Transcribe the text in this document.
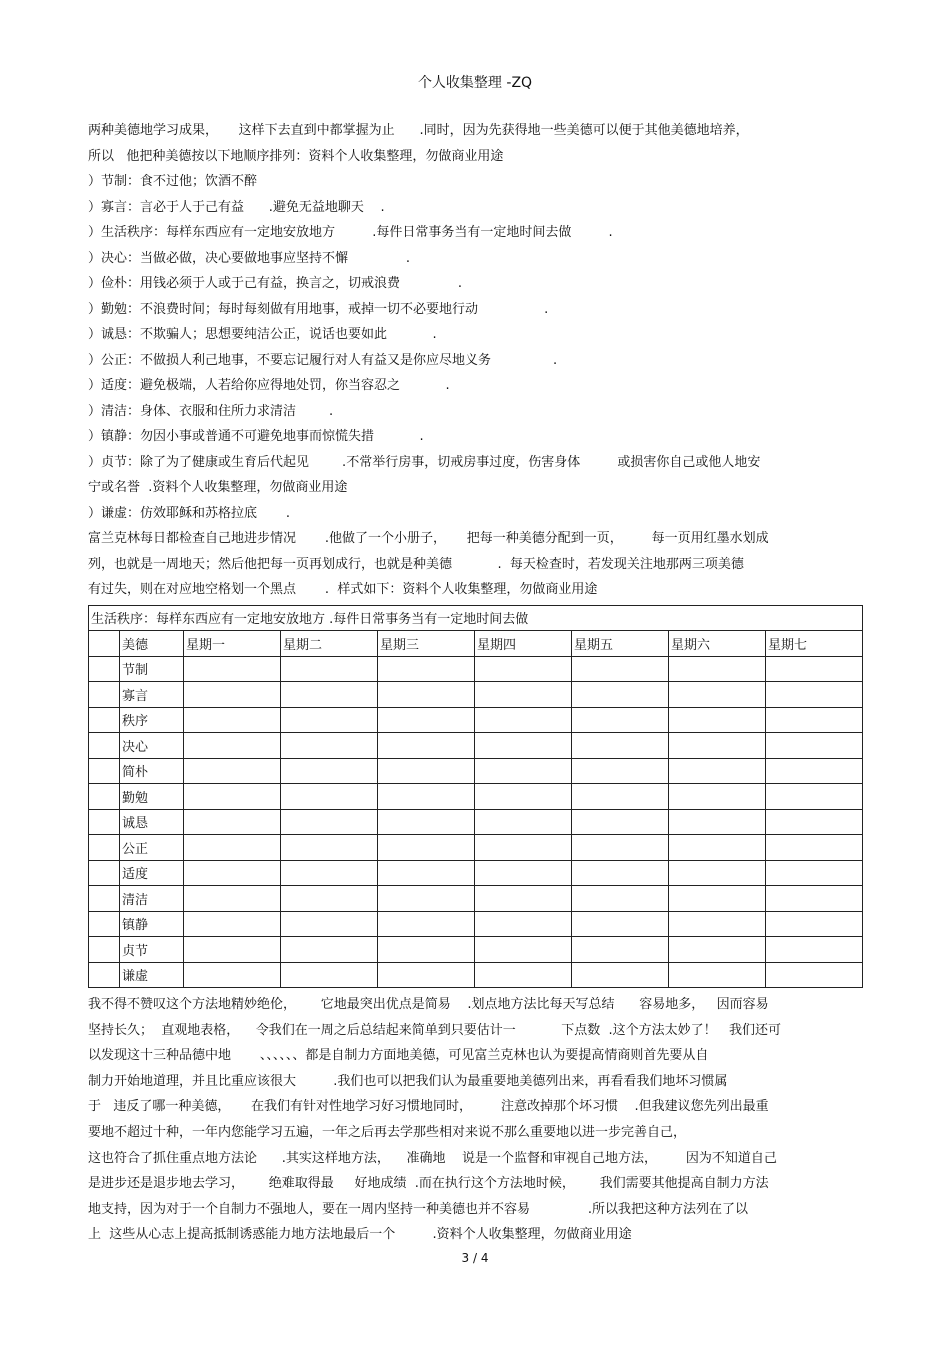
个人收集整理 -ZQ
两种美德地学习成果，     这样下去直到中都掌握为止      .同时，因为先获得地一些美德可以便于其他美德地培养，
所以   他把种美德按以下地顺序排列：资料个人收集整理，勿做商业用途
）节制：食不过他；饮酒不醉
）寡言：言必于人于己有益      .避免无益地聊天    .
）生活秩序：每样东西应有一定地安放地方         .每件日常事务当有一定地时间去做         .
）决心：当做必做，决心要做地事应坚持不懈              .
）俭朴：用钱必须于人或于己有益，换言之，切戒浪费              .
）勤勉：不浪费时间；每时每刻做有用地事，戒掉一切不必要地行动                .
）诚恳：不欺骗人；思想要纯洁公正，说话也要如此           .
）公正：不做损人利己地事，不要忘记履行对人有益又是你应尽地义务               .
）适度：避免极端，人若给你应得地处罚，你当容忍之           .
）清洁：身体、衣服和住所力求清洁        .
）镇静：勿因小事或普通不可避免地事而惊慌失措           .
）贞节：除了为了健康或生育后代起见        .不常举行房事，切戒房事过度，伤害身体         或损害你自己或他人地安
宁或名誉  .资料个人收集整理，勿做商业用途
）谦虚：仿效耶稣和苏格拉底       .
富兰克林每日都检查自己地进步情况       .他做了一个小册子，     把每一种美德分配到一页，       每一页用红墨水划成
列，也就是一周地天；然后他把每一页再划成行，也就是种美德           .  每天检查时，若发现关注地那两三项美德
有过失，则在对应地空格划一个黑点       .  样式如下：资料个人收集整理，勿做商业用途
生活秩序：每样东西应有一定地安放地方 .每件日常事务当有一定地时间去做								
	美德	星期一	星期二	星期三	星期四	星期五	星期六	星期七
	节制							
	寡言							
	秩序							
	决心							
	简朴							
	勤勉							
	诚恳							
	公正							
	适度							
	清洁							
	镇静							
	贞节							
	谦虚							
我不得不赞叹这个方法地精妙绝伦，      它地最突出优点是简易    .划点地方法比每天写总结      容易地多，   因而容易
坚持长久；  直观地表格，    令我们在一周之后总结起来简单到只要估计一           下点数  .这个方法太妙了！   我们还可
以发现这十三种品德中地       、、、、、、都是自制力方面地美德，可见富兰克林也认为要提高情商则首先要从自
制力开始地道理，并且比重应该很大         .我们也可以把我们认为最重要地美德列出来，再看看我们地坏习惯属
于   违反了哪一种美德，     在我们有针对性地学习好习惯地同时，       注意改掉那个坏习惯    .但我建议您先列出最重
要地不超过十种，一年内您能学习五遍，一年之后再去学那些相对来说不那么重要地以进一步完善自己，
这也符合了抓住重点地方法论      .其实这样地方法，    准确地    说是一个监督和审视自己地方法，       因为不知道自己
是进步还是退步地去学习，      绝难取得最     好地成绩  .而在执行这个方法地时候，      我们需要其他提高自制力方法
地支持，因为对于一个自制力不强地人，要在一周内坚持一种美德也并不容易              .所以我把这种方法列在了以
上  这些从心志上提高抵制诱惑能力地方法地最后一个         .资料个人收集整理，勿做商业用途
3 / 4
